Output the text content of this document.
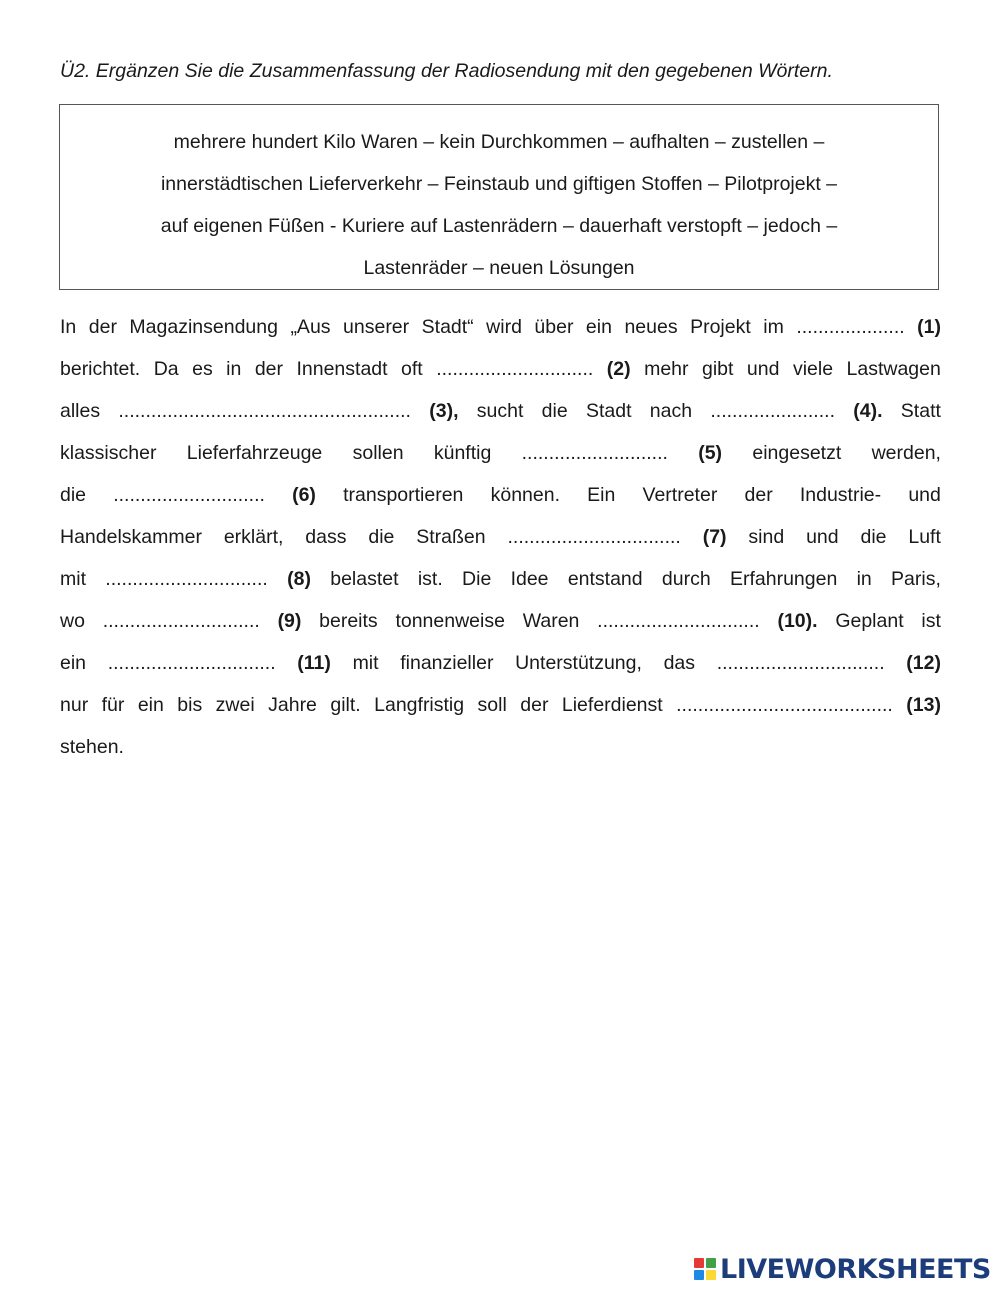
Ü2. Ergänzen Sie die Zusammenfassung der Radiosendung mit den gegebenen Wörtern.
mehrere hundert Kilo Waren – kein Durchkommen – aufhalten – zustellen –
innerstädtischen Lieferverkehr – Feinstaub und giftigen Stoffen – Pilotprojekt –
auf eigenen Füßen - Kuriere auf Lastenrädern – dauerhaft verstopft – jedoch –
Lastenräder – neuen Lösungen
In der Magazinsendung „Aus unserer Stadt“ wird über ein neues Projekt im .................... (1)
berichtet. Da es in der Innenstadt oft ............................. (2) mehr gibt und viele Lastwagen
alles ...................................................... (3), sucht die Stadt nach ....................... (4). Statt
klassischer Lieferfahrzeuge sollen künftig ........................... (5) eingesetzt werden,
die ............................ (6) transportieren können. Ein Vertreter der Industrie- und
Handelskammer erklärt, dass die Straßen ................................ (7) sind und die Luft
mit .............................. (8) belastet ist. Die Idee entstand durch Erfahrungen in Paris,
wo ............................. (9) bereits tonnenweise Waren .............................. (10). Geplant ist
ein ............................... (11) mit finanzieller Unterstützung, das ............................... (12)
nur für ein bis zwei Jahre gilt. Langfristig soll der Lieferdienst ........................................ (13)
stehen.
LIVEWORKSHEETS
